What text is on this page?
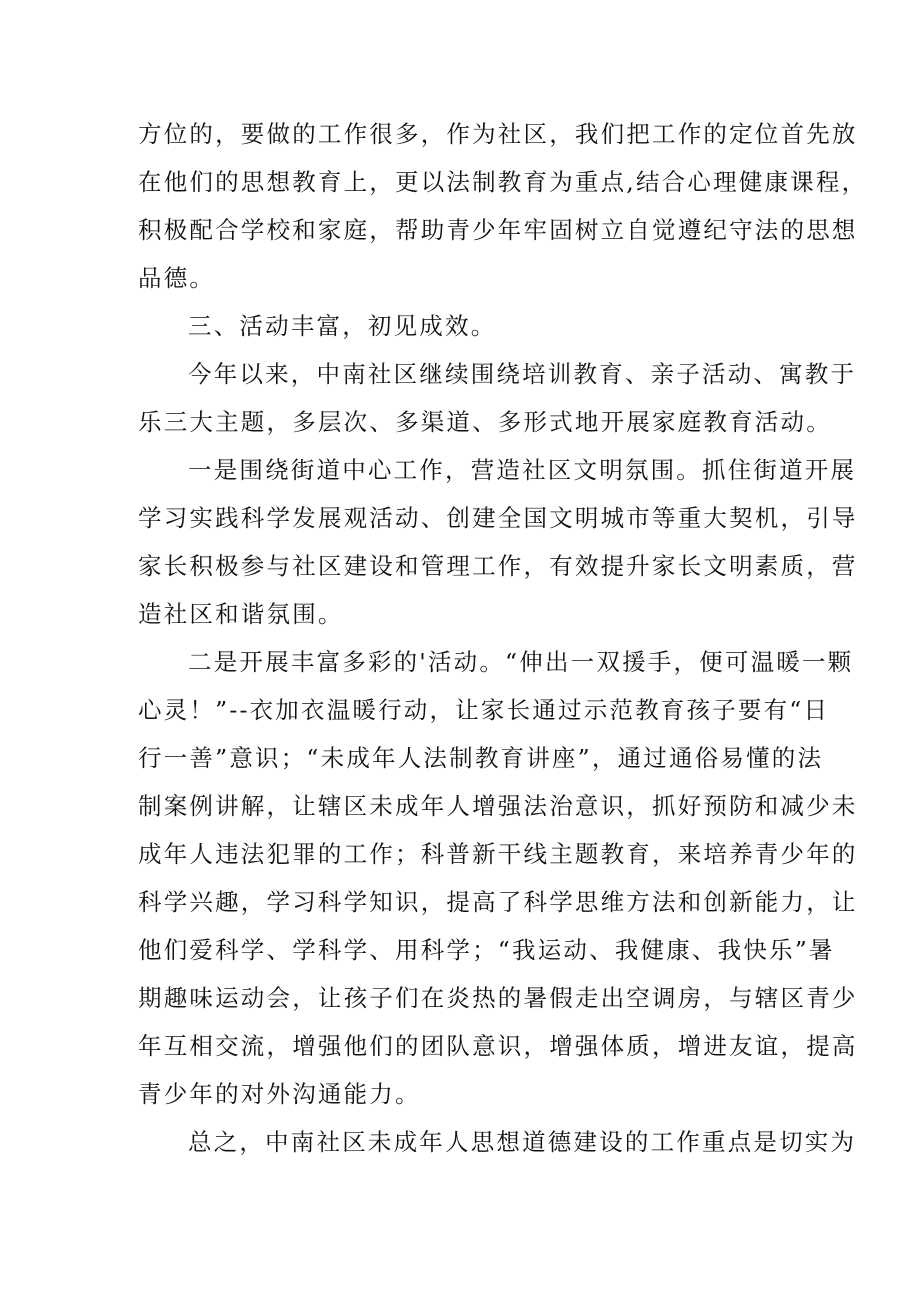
方位的，要做的工作很多，作为社区，我们把工作的定位首先放
在他们的思想教育上，更以法制教育为重点,结合心理健康课程，
积极配合学校和家庭，帮助青少年牢固树立自觉遵纪守法的思想
品德。
三、活动丰富，初见成效。
今年以来，中南社区继续围绕培训教育、亲子活动、寓教于
乐三大主题，多层次、多渠道、多形式地开展家庭教育活动。
一是围绕街道中心工作，营造社区文明氛围。抓住街道开展
学习实践科学发展观活动、创建全国文明城市等重大契机，引导
家长积极参与社区建设和管理工作，有效提升家长文明素质，营
造社区和谐氛围。
二是开展丰富多彩的'活动。“伸出一双援手，便可温暖一颗
心灵！”--衣加衣温暖行动，让家长通过示范教育孩子要有“日
行一善”意识；“未成年人法制教育讲座”，通过通俗易懂的法
制案例讲解，让辖区未成年人增强法治意识，抓好预防和减少未
成年人违法犯罪的工作；科普新干线主题教育，来培养青少年的
科学兴趣，学习科学知识，提高了科学思维方法和创新能力，让
他们爱科学、学科学、用科学；“我运动、我健康、我快乐”暑
期趣味运动会，让孩子们在炎热的暑假走出空调房，与辖区青少
年互相交流，增强他们的团队意识，增强体质，增进友谊，提高
青少年的对外沟通能力。
总之，中南社区未成年人思想道德建设的工作重点是切实为
